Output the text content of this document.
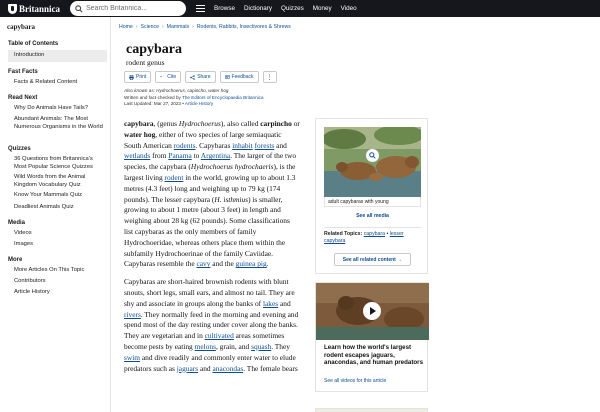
Britannica
Search Britannica...	Browse Dictionary Quizzes Money Video
capybara
Table of Contents
Introduction
Fast Facts
Facts & Related Content
Read Next
Why Do Animals Have Tails?
Abundant Animals: The Most Numerous Organisms in the World
Quizzes
36 Questions from Britannica's Most Popular Science Quizzes
Wild Words from the Animal Kingdom Vocabulary Quiz
Know Your Mammals Quiz
Deadliest Animals Quiz
Media
Videos
Images
More
More Articles On This Topic
Contributors
Article History
Home › Science › Mammals › Rodents, Rabbits, Insectivores & Shrews
capybara
rodent genus
Print " Cite	Share	Feedback ⋮
Also known as: Hydrochoerus, capincho, water hog
Written and fact-checked by The Editors of Encyclopaedia Britannica
Last Updated: Mar 27, 2023 • Article History

capybara, (genus Hydrochoerus), also called carpincho or water hog, either of two species of large semiaquatic South American rodents. Capybaras inhabit forests and wetlands from Panama to Argentina. The larger of the two species, the capybara (Hydrochoerus hydrochaeris), is the largest living rodent in the world, growing up to about 1.3 metres (4.3 feet) long and weighing up to 79 kg (174 pounds). The lesser capybara (H. isthmius) is smaller, growing to about 1 metre (about 3 feet) in length and weighing about 28 kg (62 pounds). Some classifications list capybaras as the only members of family Hydrochoeridae, whereas others place them within the subfamily Hydrochoerinae of the family Caviidae. Capybaras resemble the cavy and the guinea pig.

Capybaras are short-haired brownish rodents with blunt snouts, short legs, small ears, and almost no tail. They are shy and associate in groups along the banks of lakes and rivers. They normally feed in the morning and evening and spend most of the day resting under cover along the banks. They are vegetarian and in cultivated areas sometimes become pests by eating melons, grain, and squash. They swim and dive readily and commonly enter water to elude predators such as jaguars and anacondas. The female bears

adult capybaras with young
See all media
Related Topics: capybara • lesser capybara
See all related content →
Learn how the world's largest rodent escapes jaguars, anacondas, and human predators
See all videos for this article
